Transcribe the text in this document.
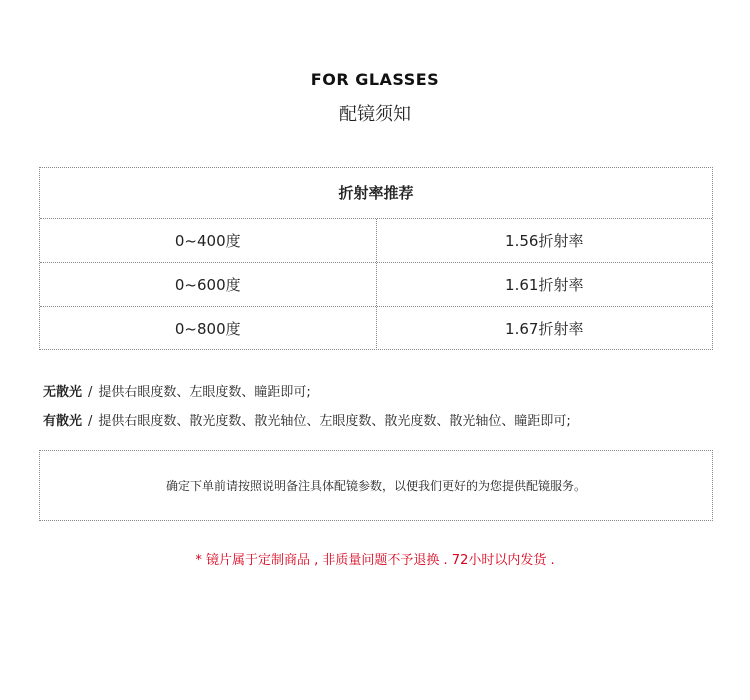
FOR GLASSES
配镜须知
折射率推荐
0~400度	1.56折射率
0~600度	1.61折射率
0~800度	1.67折射率
无散光 / 提供右眼度数、左眼度数、瞳距即可;
有散光 / 提供右眼度数、散光度数、散光轴位、左眼度数、散光度数、散光轴位、瞳距即可;
确定下单前请按照说明备注具体配镜参数，以便我们更好的为您提供配镜服务。
* 镜片属于定制商品 , 非质量问题不予退换 . 72小时以内发货 .
